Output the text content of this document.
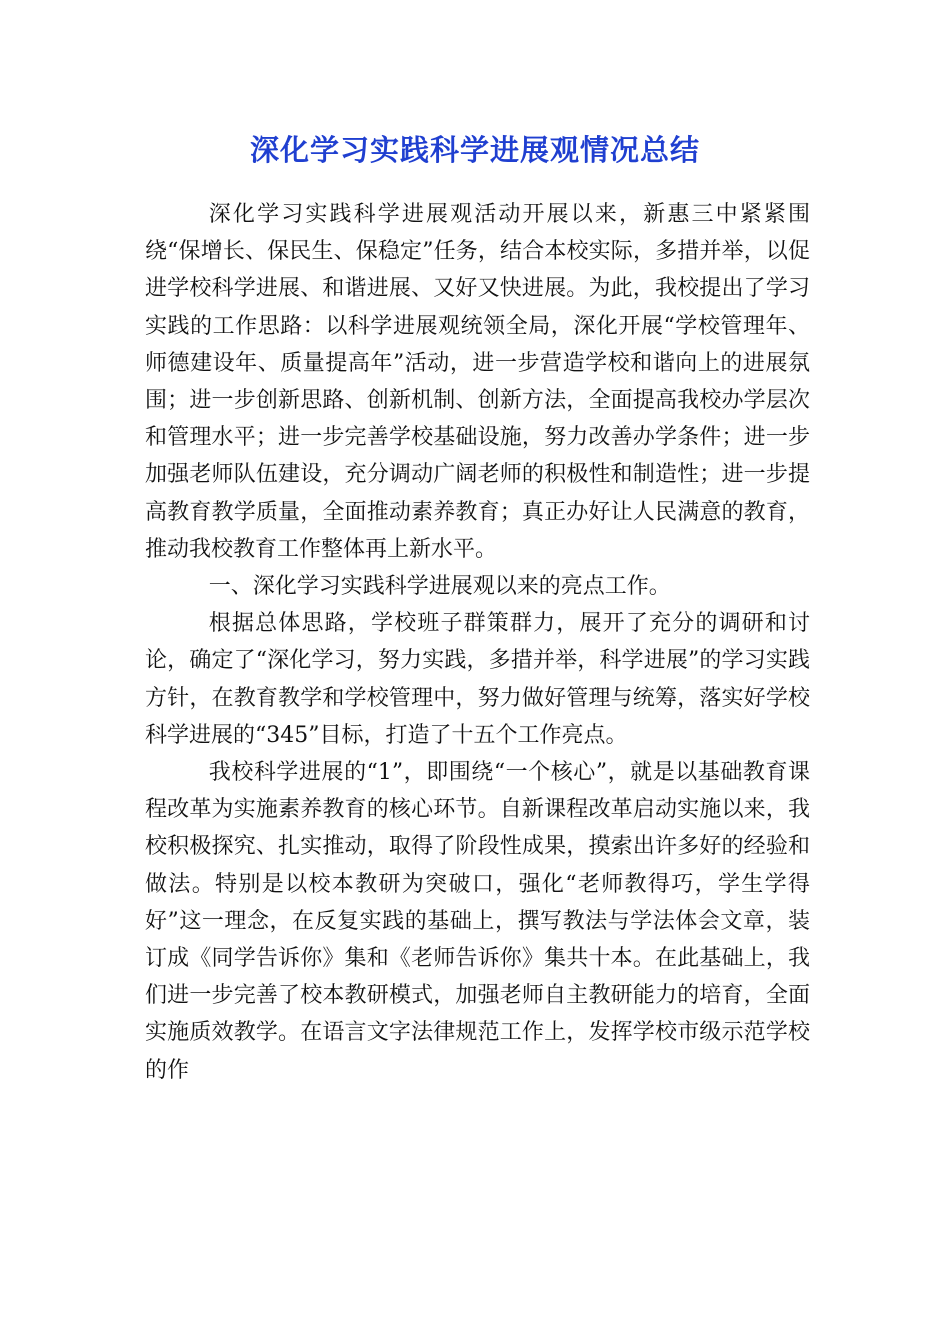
深化学习实践科学进展观情况总结

深化学习实践科学进展观活动开展以来，新惠三中紧紧围绕“保增长、保民生、保稳定”任务，结合本校实际，多措并举，以促进学校科学进展、和谐进展、又好又快进展。为此，我校提出了学习实践的工作思路：以科学进展观统领全局，深化开展“学校管理年、师德建设年、质量提高年”活动，进一步营造学校和谐向上的进展氛围；进一步创新思路、创新机制、创新方法，全面提高我校办学层次和管理水平；进一步完善学校基础设施，努力改善办学条件；进一步加强老师队伍建设，充分调动广阔老师的积极性和制造性；进一步提高教育教学质量，全面推动素养教育；真正办好让人民满意的教育，推动我校教育工作整体再上新水平。

一、深化学习实践科学进展观以来的亮点工作。

根据总体思路，学校班子群策群力，展开了充分的调研和讨论，确定了“深化学习，努力实践，多措并举，科学进展”的学习实践方针，在教育教学和学校管理中，努力做好管理与统筹，落实好学校科学进展的“345”目标，打造了十五个工作亮点。

我校科学进展的“1”，即围绕“一个核心”，就是以基础教育课程改革为实施素养教育的核心环节。自新课程改革启动实施以来，我校积极探究、扎实推动，取得了阶段性成果，摸索出许多好的经验和做法。特别是以校本教研为突破口，强化“老师教得巧，学生学得好”这一理念，在反复实践的基础上，撰写教法与学法体会文章，装订成《同学告诉你》集和《老师告诉你》集共十本。在此基础上，我们进一步完善了校本教研模式，加强老师自主教研能力的培育，全面实施质效教学。在语言文字法律规范工作上，发挥学校市级示范学校的作
